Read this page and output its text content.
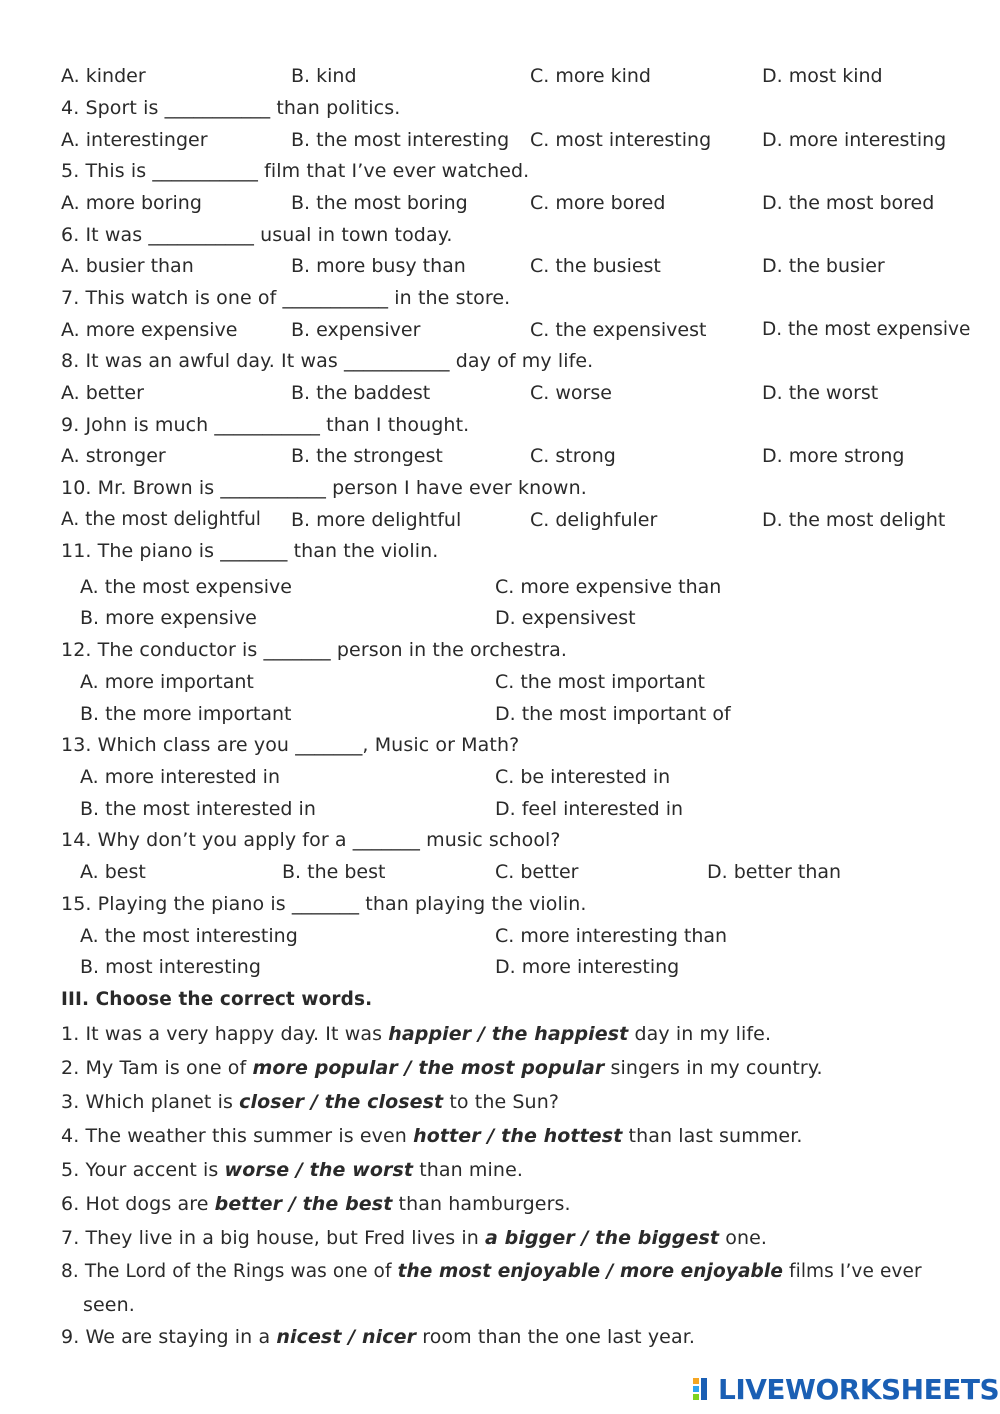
A. kinder	B. kind	C. more kind	D. most kind
4. Sport is ___________ than politics.
A. interestinger	B. the most interesting C. most interesting	D. more interesting
5. This is ___________ film that I’ve ever watched.
A. more boring	B. the most boring	C. more bored	D. the most bored
6. It was ___________ usual in town today.
A. busier than	B. more busy than	C. the busiest	D. the busier
7. This watch is one of ___________ in the store.
A. more expensive	B. expensiver	C. the expensivest	D. the most expensive
8. It was an awful day. It was ___________ day of my life.
A. better	B. the baddest	C. worse	D. the worst
9. John is much ___________ than I thought.
A. stronger	B. the strongest	C. strong	D. more strong
10. Mr. Brown is ___________ person I have ever known.
A. the most delightful B. more delightful	C. delighfuler	D. the most delight
11. The piano is _______ than the violin.
A. the most expensive	C. more expensive than
B. more expensive	D. expensivest
12. The conductor is _______ person in the orchestra.
A. more important	C. the most important
B. the more important	D. the most important of
13. Which class are you _______, Music or Math?
A. more interested in	C. be interested in
B. the most interested in	D. feel interested in
14. Why don’t you apply for a _______ music school?
A. best	B. the best	C. better	D. better than
15. Playing the piano is _______ than playing the violin.
A. the most interesting	C. more interesting than
B. most interesting	D. more interesting
III. Choose the correct words.
1. It was a very happy day. It was happier / the happiest day in my life.
2. My Tam is one of more popular / the most popular singers in my country.
3. Which planet is closer / the closest to the Sun?
4. The weather this summer is even hotter / the hottest than last summer.
5. Your accent is worse / the worst than mine.
6. Hot dogs are better / the best than hamburgers.
7. They live in a big house, but Fred lives in a bigger / the biggest one.
8. The Lord of the Rings was one of the most enjoyable / more enjoyable films I’ve ever
seen.
9. We are staying in a nicest / nicer room than the one last year.
LIVEWORKSHEETS
